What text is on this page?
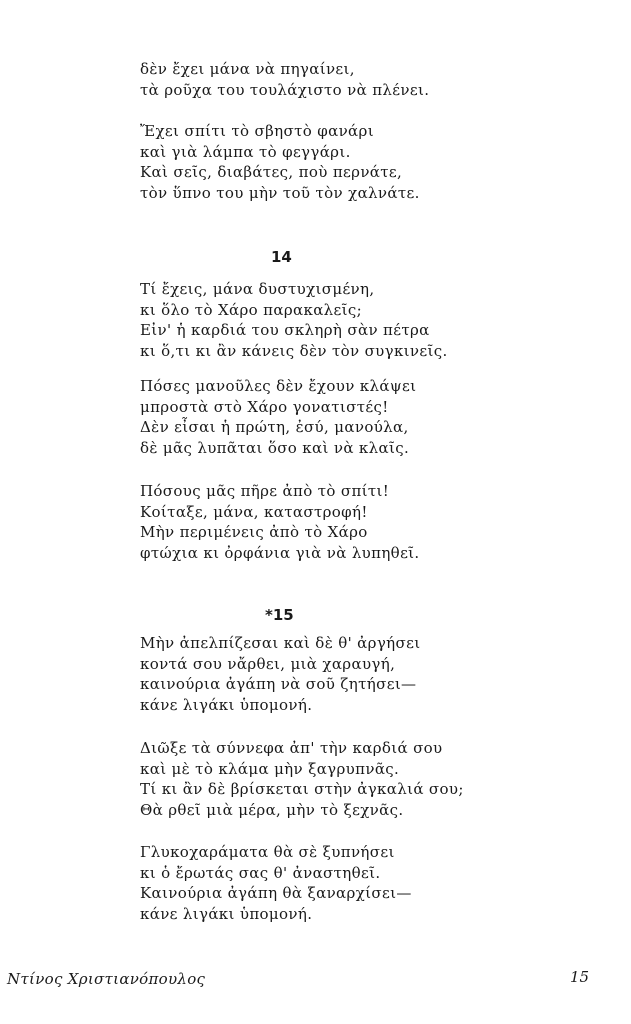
δὲν ἔχει μάνα νὰ πηγαίνει,
τὰ ροῦχα του τουλάχιστο νὰ πλένει.
Ἔχει σπίτι τὸ σβηστὸ φανάρι
καὶ γιὰ λάμπα τὸ φεγγάρι.
Καὶ σεῖς, διαβάτες, ποὺ περνάτε,
τὸν ὕπνο του μὴν τοῦ τὸν χαλνάτε.
14
Τί ἔχεις, μάνα δυστυχισμένη,
κι ὅλο τὸ Χάρο παρακαλεῖς;
Εἰν' ἡ καρδιά του σκληρὴ σὰν πέτρα
κι ὅ,τι κι ἂν κάνεις δὲν τὸν συγκινεῖς.
Πόσες μανοῦλες δὲν ἔχουν κλάψει
μπροστὰ στὸ Χάρο γονατιστές!
Δὲν εἶσαι ἡ πρώτη, ἐσύ, μανούλα,
δὲ μᾶς λυπᾶται ὅσο καὶ νὰ κλαῖς.
Πόσους μᾶς πῆρε ἀπὸ τὸ σπίτι!
Κοίταξε, μάνα, καταστροφή!
Μὴν περιμένεις ἀπὸ τὸ Χάρο
φτώχια κι ὀρφάνια γιὰ νὰ λυπηθεῖ.
*15
Μὴν ἀπελπίζεσαι καὶ δὲ θ' ἀργήσει
κοντά σου νἄρθει, μιὰ χαραυγή,
καινούρια ἀγάπη νὰ σοῦ ζητήσει—
κάνε λιγάκι ὑπομονή.
Διῶξε τὰ σύννεφα ἀπ' τὴν καρδιά σου
καὶ μὲ τὸ κλάμα μὴν ξαγρυπνᾶς.
Τί κι ἂν δὲ βρίσκεται στὴν ἀγκαλιά σου;
Θὰ ρθεῖ μιὰ μέρα, μὴν τὸ ξεχνᾶς.
Γλυκοχαράματα θὰ σὲ ξυπνήσει
κι ὁ ἔρωτάς σας θ' ἀναστηθεῖ.
Καινούρια ἀγάπη θὰ ξαναρχίσει—
κάνε λιγάκι ὑπομονή.
Ντίνος Χριστιανόπουλος	15
